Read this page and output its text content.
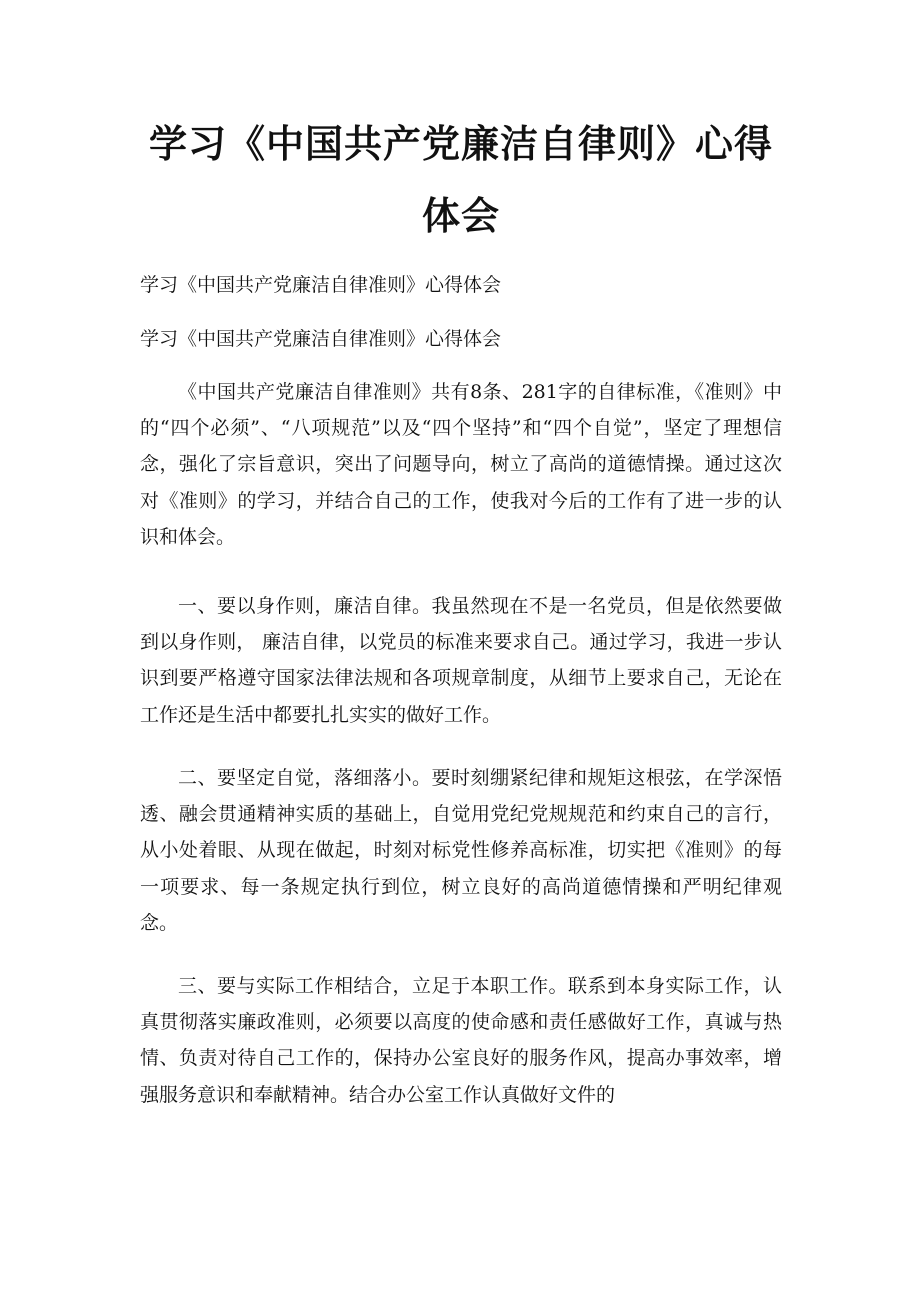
学习《中国共产党廉洁自律则》心得体会
学习《中国共产党廉洁自律准则》心得体会
学习《中国共产党廉洁自律准则》心得体会

《中国共产党廉洁自律准则》共有8条、281字的自律标准，《准则》中的“四个必须”、“八项规范”以及“四个坚持”和“四个自觉”，坚定了理想信念，强化了宗旨意识，突出了问题导向，树立了高尚的道德情操。通过这次对《准则》的学习，并结合自己的工作，使我对今后的工作有了进一步的认识和体会。

一、要以身作则，廉洁自律。我虽然现在不是一名党员，但是依然要做到以身作则， 廉洁自律，以党员的标准来要求自己。通过学习，我进一步认识到要严格遵守国家法律法规和各项规章制度，从细节上要求自己，无论在工作还是生活中都要扎扎实实的做好工作。

二、要坚定自觉，落细落小。要时刻绷紧纪律和规矩这根弦，在学深悟透、融会贯通精神实质的基础上，自觉用党纪党规规范和约束自己的言行，从小处着眼、从现在做起，时刻对标党性修养高标准，切实把《准则》的每一项要求、每一条规定执行到位，树立良好的高尚道德情操和严明纪律观念。

三、要与实际工作相结合，立足于本职工作。联系到本身实际工作，认真贯彻落实廉政准则，必须要以高度的使命感和责任感做好工作，真诚与热情、负责对待自己工作的，保持办公室良好的服务作风，提高办事效率，增强服务意识和奉献精神。结合办公室工作认真做好文件的
